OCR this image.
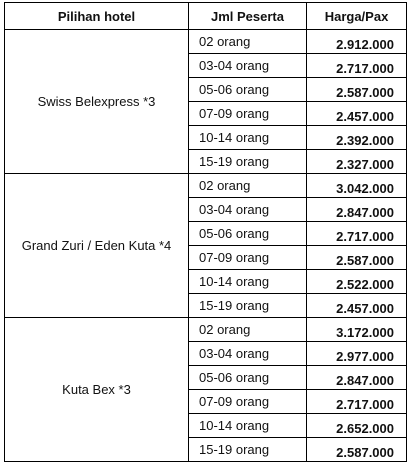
Pilihan hotel	Jml Peserta	Harga/Pax
Swiss Belexpress *3	02 orang	2.912.000
	03-04 orang	2.717.000
	05-06 orang	2.587.000
	07-09 orang	2.457.000
	10-14 orang	2.392.000
	15-19 orang	2.327.000
Grand Zuri / Eden Kuta *4	02 orang	3.042.000
	03-04 orang	2.847.000
	05-06 orang	2.717.000
	07-09 orang	2.587.000
	10-14 orang	2.522.000
	15-19 orang	2.457.000
Kuta Bex *3	02 orang	3.172.000
	03-04 orang	2.977.000
	05-06 orang	2.847.000
	07-09 orang	2.717.000
	10-14 orang	2.652.000
	15-19 orang	2.587.000
